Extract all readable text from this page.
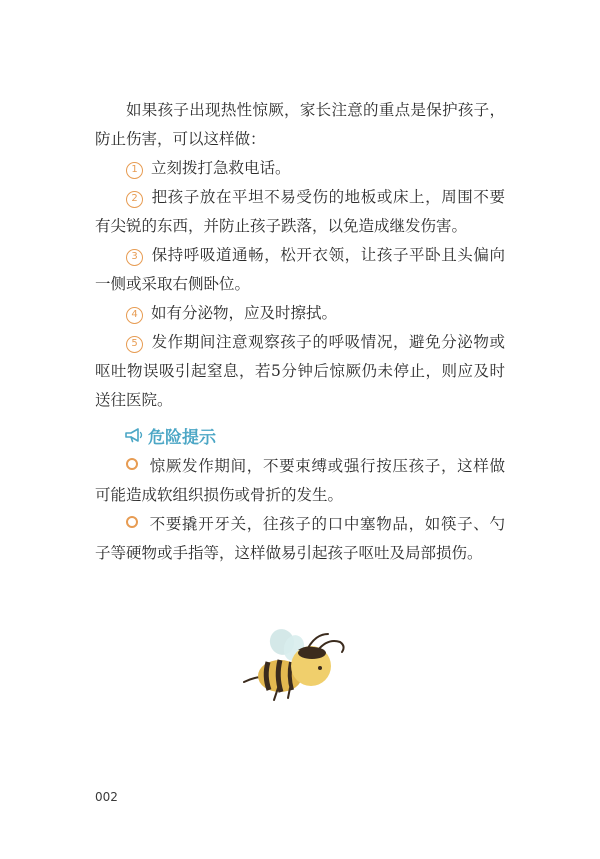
如果孩子出现热性惊厥，家长注意的重点是保护孩子，防止伤害，可以这样做：

1 立刻拨打急救电话。

2 把孩子放在平坦不易受伤的地板或床上，周围不要有尖锐的东西，并防止孩子跌落，以免造成继发伤害。

3 保持呼吸道通畅，松开衣领，让孩子平卧且头偏向一侧或采取右侧卧位。

4 如有分泌物，应及时擦拭。

5 发作期间注意观察孩子的呼吸情况，避免分泌物或呕吐物误吸引起窒息，若5分钟后惊厥仍未停止，则应及时送往医院。

危险提示

惊厥发作期间，不要束缚或强行按压孩子，这样做可能造成软组织损伤或骨折的发生。

不要撬开牙关，往孩子的口中塞物品，如筷子、勺子等硬物或手指等，这样做易引起孩子呕吐及局部损伤。

002
